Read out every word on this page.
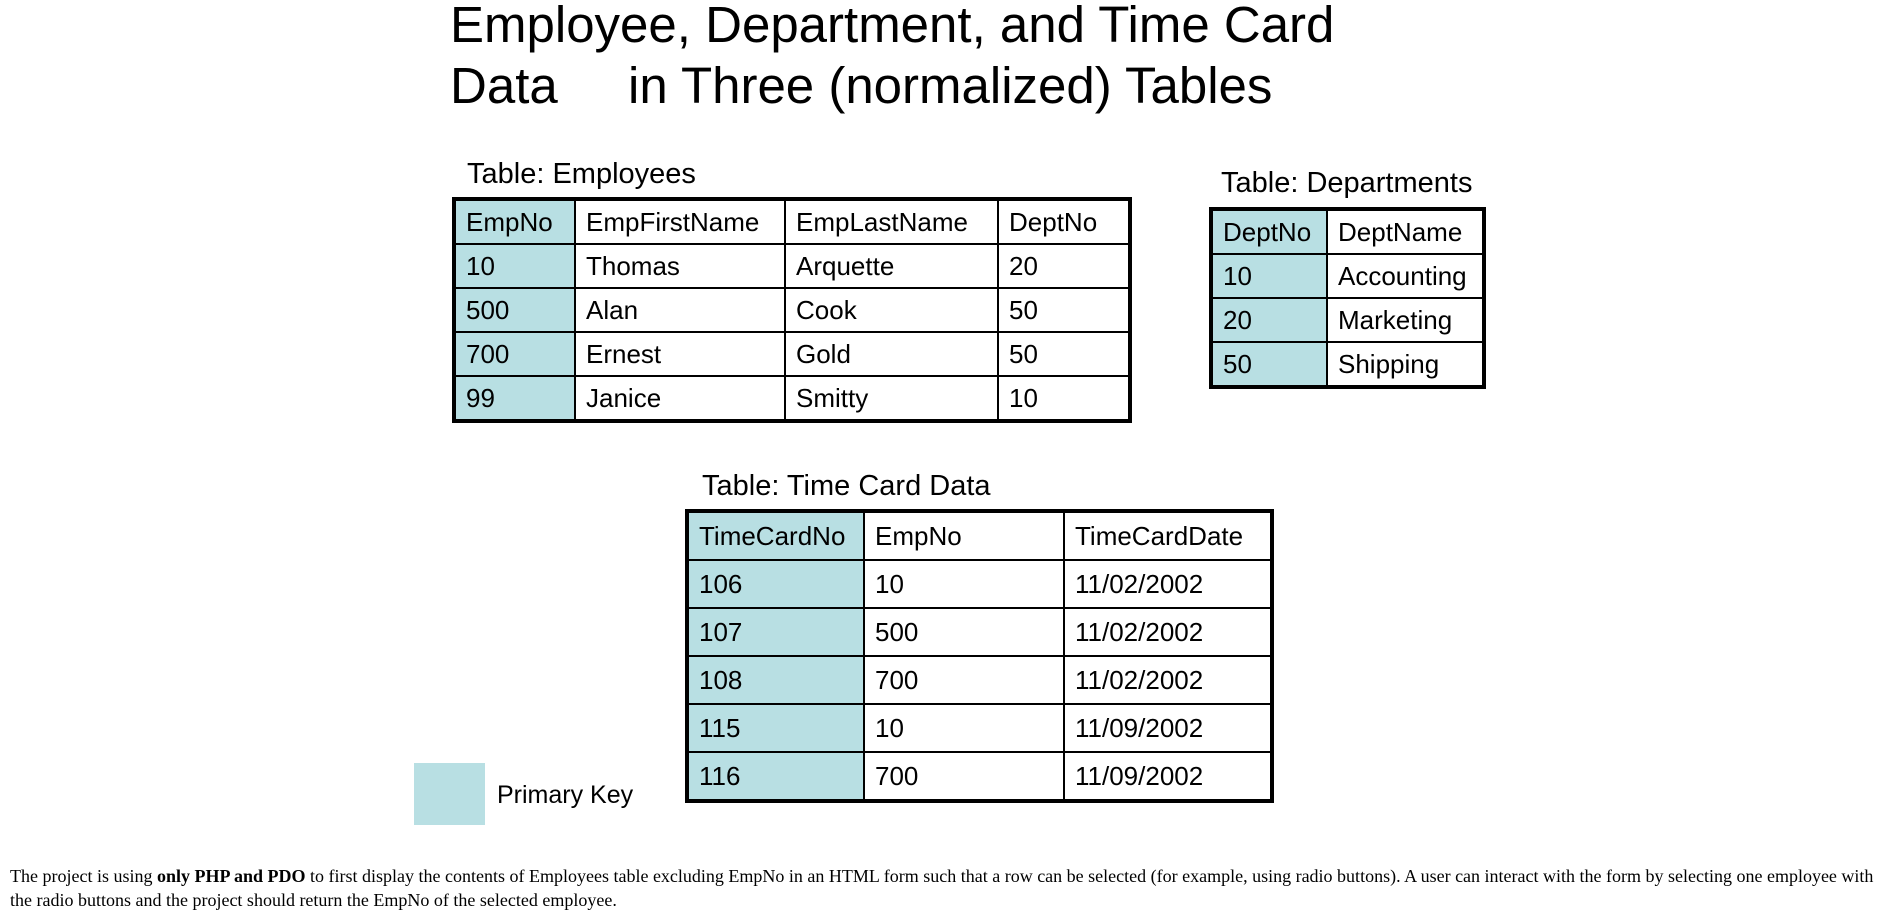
Employee, Department, and Time Card Data	in Three (normalized) Tables
Table: Employees
EmpNo	EmpFirstName	EmpLastName	DeptNo
10	Thomas	Arquette	20
500	Alan	Cook	50
700	Ernest	Gold	50
99	Janice	Smitty	10
Table: Departments
DeptNo	DeptName
10	Accounting
20	Marketing
50	Shipping
Table: Time Card Data
TimeCardNo	EmpNo	TimeCardDate
106	10	11/02/2002
107	500	11/02/2002
108	700	11/02/2002
115	10	11/09/2002
116	700	11/09/2002
Primary Key

The project is using only PHP and PDO to first display the contents of Employees table excluding EmpNo in an HTML form such that a row can be selected (for example, using radio buttons). A user can interact with the form by selecting one employee with the radio buttons and the project should return the EmpNo of the selected employee.
